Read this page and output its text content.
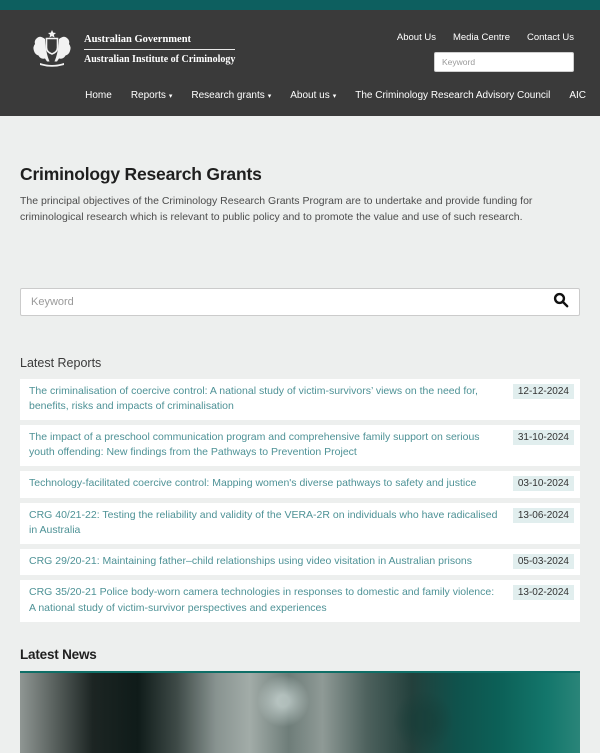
Australian Government
Australian Institute of Criminology
About Us Media Centre Contact Us
Keyword
Home Reports ▾ Research grants ▾ About us ▾ The Criminology Research Advisory Council AIC
Criminology Research Grants

The principal objectives of the Criminology Research Grants Program are to undertake and provide funding for criminological research which is relevant to public policy and to promote the value and use of such research.

Keyword
Latest Reports
The criminalisation of coercive control: A national study of victim-survivors’ views on the need for, benefits, risks and impacts of criminalisation
12-12-2024
The impact of a preschool communication program and comprehensive family support on serious youth offending: New findings from the Pathways to Prevention Project
31-10-2024
Technology-facilitated coercive control: Mapping women's diverse pathways to safety and justice	03-10-2024
CRG 40/21-22: Testing the reliability and validity of the VERA-2R on individuals who have radicalised in Australia
13-06-2024
CRG 29/20-21: Maintaining father–child relationships using video visitation in Australian prisons	05-03-2024
CRG 35/20-21 Police body-worn camera technologies in responses to domestic and family violence: A national study of victim-survivor perspectives and experiences
13-02-2024
Latest News
